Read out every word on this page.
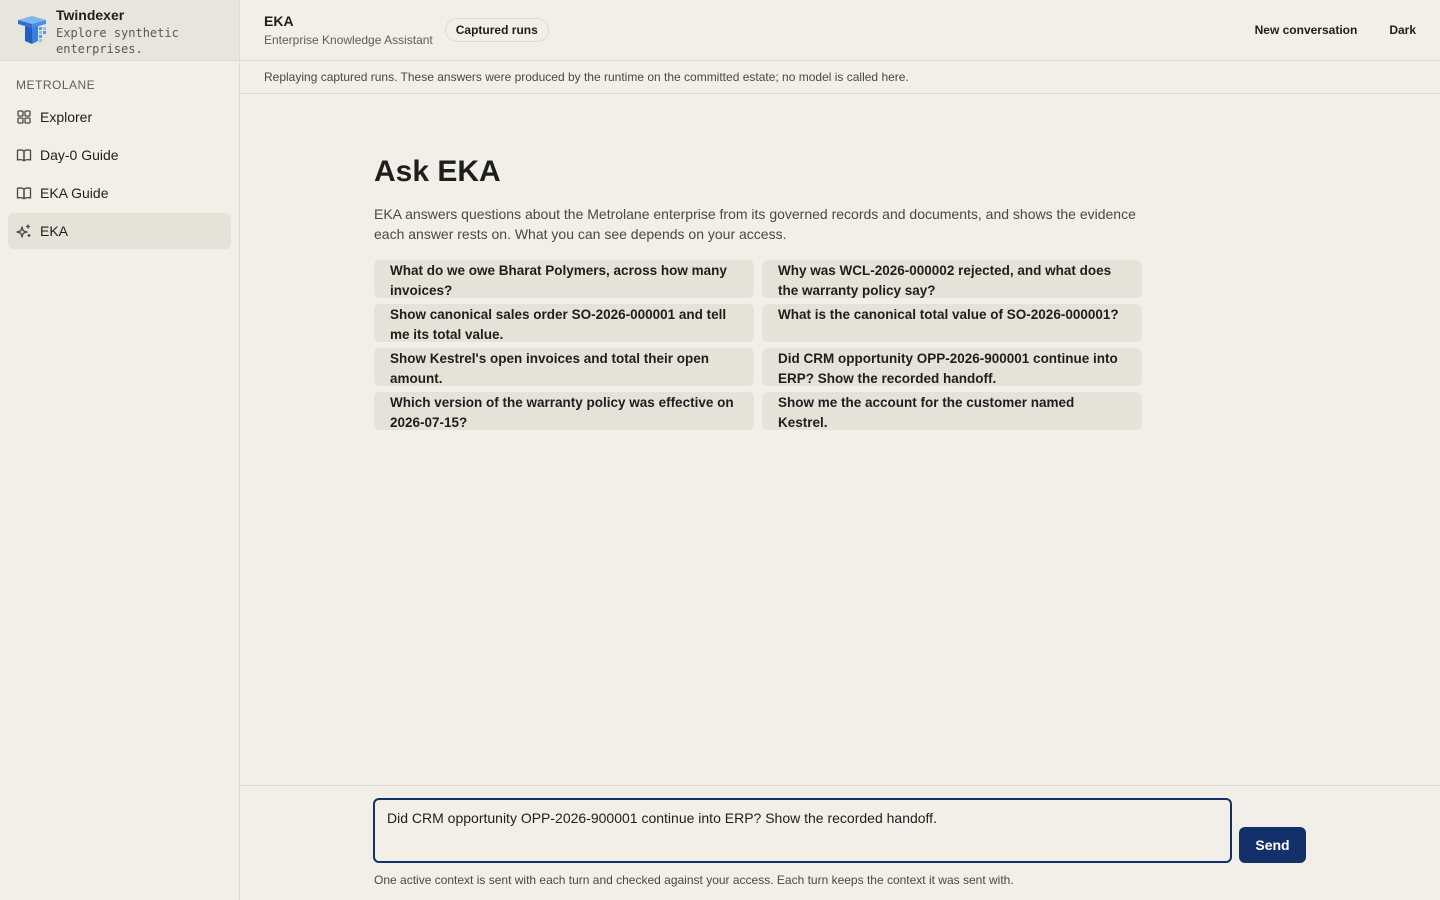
Twindexer
Explore synthetic enterprises.
METROLANE
Explorer
Day-0 Guide
EKA Guide
EKA
EKA
Enterprise Knowledge Assistant
Captured runs	New conversation	Dark
Replaying captured runs. These answers were produced by the runtime on the committed estate; no model is called here.
Ask EKA

EKA answers questions about the Metrolane enterprise from its governed records and documents, and shows the evidence each answer rests on. What you can see depends on your access.

What do we owe Bharat Polymers, across how many invoices?
Why was WCL-2026-000002 rejected, and what does the warranty policy say?
Show canonical sales order SO-2026-000001 and tell me its total value.
What is the canonical total value of SO-2026-000001?
Show Kestrel's open invoices and total their open amount.
Did CRM opportunity OPP-2026-900001 continue into ERP? Show the recorded handoff.
Which version of the warranty policy was effective on 2026-07-15?
Show me the account for the customer named Kestrel.
Did CRM opportunity OPP-2026-900001 continue into ERP? Show the recorded handoff.
Send
One active context is sent with each turn and checked against your access. Each turn keeps the context it was sent with.
